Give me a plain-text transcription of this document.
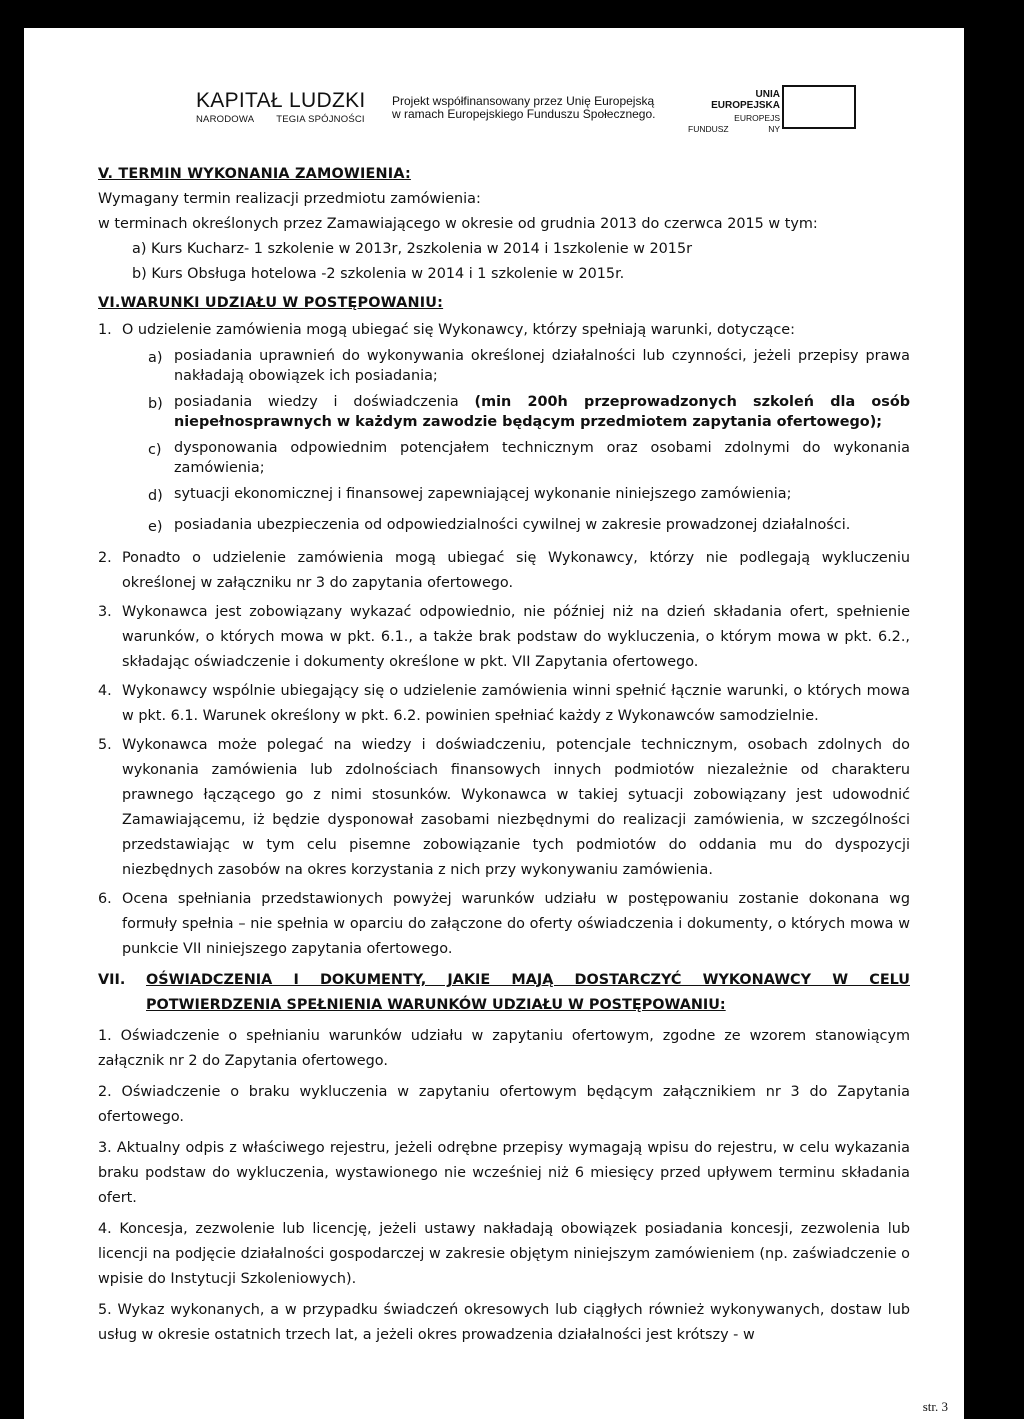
KAPITAŁ LUDZKI
NARODOWA TEGIA SPÓJNOŚCI
Projekt współfinansowany przez Unię Europejską
w ramach Europejskiego Funduszu Społecznego.
UNIA EUROPEJSKA
EUROPEJS
FUNDUSZ	NY

V. TERMIN WYKONANIA ZAMOWIENIA:

Wymagany termin realizacji przedmiotu zamówienia:

w terminach określonych przez Zamawiającego w okresie od grudnia 2013 do czerwca 2015 w tym:

a) Kurs Kucharz- 1 szkolenie w 2013r, 2szkolenia w 2014 i 1szkolenie w 2015r

b) Kurs Obsługa hotelowa -2 szkolenia w 2014 i 1 szkolenie w 2015r.

VI.WARUNKI UDZIAŁU W POSTĘPOWANIU:

1. O udzielenie zamówienia mogą ubiegać się Wykonawcy, którzy spełniają warunki, dotyczące:
a) posiadania uprawnień do wykonywania określonej działalności lub czynności, jeżeli przepisy prawa nakładają obowiązek ich posiadania;
b) posiadania wiedzy i doświadczenia (min 200h przeprowadzonych szkoleń dla osób niepełnosprawnych w każdym zawodzie będącym przedmiotem zapytania ofertowego);
c) dysponowania odpowiednim potencjałem technicznym oraz osobami zdolnymi do wykonania zamówienia;
d) sytuacji ekonomicznej i finansowej zapewniającej wykonanie niniejszego zamówienia;
e) posiadania ubezpieczenia od odpowiedzialności cywilnej w zakresie prowadzonej działalności.
2. Ponadto o udzielenie zamówienia mogą ubiegać się Wykonawcy, którzy nie podlegają wykluczeniu określonej w załączniku nr 3 do zapytania ofertowego.
3. Wykonawca jest zobowiązany wykazać odpowiednio, nie później niż na dzień składania ofert, spełnienie warunków, o których mowa w pkt. 6.1., a także brak podstaw do wykluczenia, o którym mowa w pkt. 6.2., składając oświadczenie i dokumenty określone w pkt. VII Zapytania ofertowego.
4. Wykonawcy wspólnie ubiegający się o udzielenie zamówienia winni spełnić łącznie warunki, o których mowa w pkt. 6.1. Warunek określony w pkt. 6.2. powinien spełniać każdy z Wykonawców samodzielnie.
5. Wykonawca może polegać na wiedzy i doświadczeniu, potencjale technicznym, osobach zdolnych do wykonania zamówienia lub zdolnościach finansowych innych podmiotów niezależnie od charakteru prawnego łączącego go z nimi stosunków. Wykonawca w takiej sytuacji zobowiązany jest udowodnić Zamawiającemu, iż będzie dysponował zasobami niezbędnymi do realizacji zamówienia, w szczególności przedstawiając w tym celu pisemne zobowiązanie tych podmiotów do oddania mu do dyspozycji niezbędnych zasobów na okres korzystania z nich przy wykonywaniu zamówienia.
6. Ocena spełniania przedstawionych powyżej warunków udziału w postępowaniu zostanie dokonana wg formuły spełnia – nie spełnia w oparciu do załączone do oferty oświadczenia i dokumenty, o których mowa w punkcie VII niniejszego zapytania ofertowego.
VII.	OŚWIADCZENIA I DOKUMENTY, JAKIE MAJĄ DOSTARCZYĆ WYKONAWCY W CELU POTWIERDZENIA SPEŁNIENIA WARUNKÓW UDZIAŁU W POSTĘPOWANIU:

1. Oświadczenie o spełnianiu warunków udziału w zapytaniu ofertowym, zgodne ze wzorem stanowiącym załącznik nr 2 do Zapytania ofertowego.

2. Oświadczenie o braku wykluczenia w zapytaniu ofertowym będącym załącznikiem nr 3 do Zapytania ofertowego.

3. Aktualny odpis z właściwego rejestru, jeżeli odrębne przepisy wymagają wpisu do rejestru, w celu wykazania braku podstaw do wykluczenia, wystawionego nie wcześniej niż 6 miesięcy przed upływem terminu składania ofert.

4. Koncesja, zezwolenie lub licencję, jeżeli ustawy nakładają obowiązek posiadania koncesji, zezwolenia lub licencji na podjęcie działalności gospodarczej w zakresie objętym niniejszym zamówieniem (np. zaświadczenie o wpisie do Instytucji Szkoleniowych).

5. Wykaz wykonanych, a w przypadku świadczeń okresowych lub ciągłych również wykonywanych, dostaw lub usług w okresie ostatnich trzech lat, a jeżeli okres prowadzenia działalności jest krótszy - w

str. 3
